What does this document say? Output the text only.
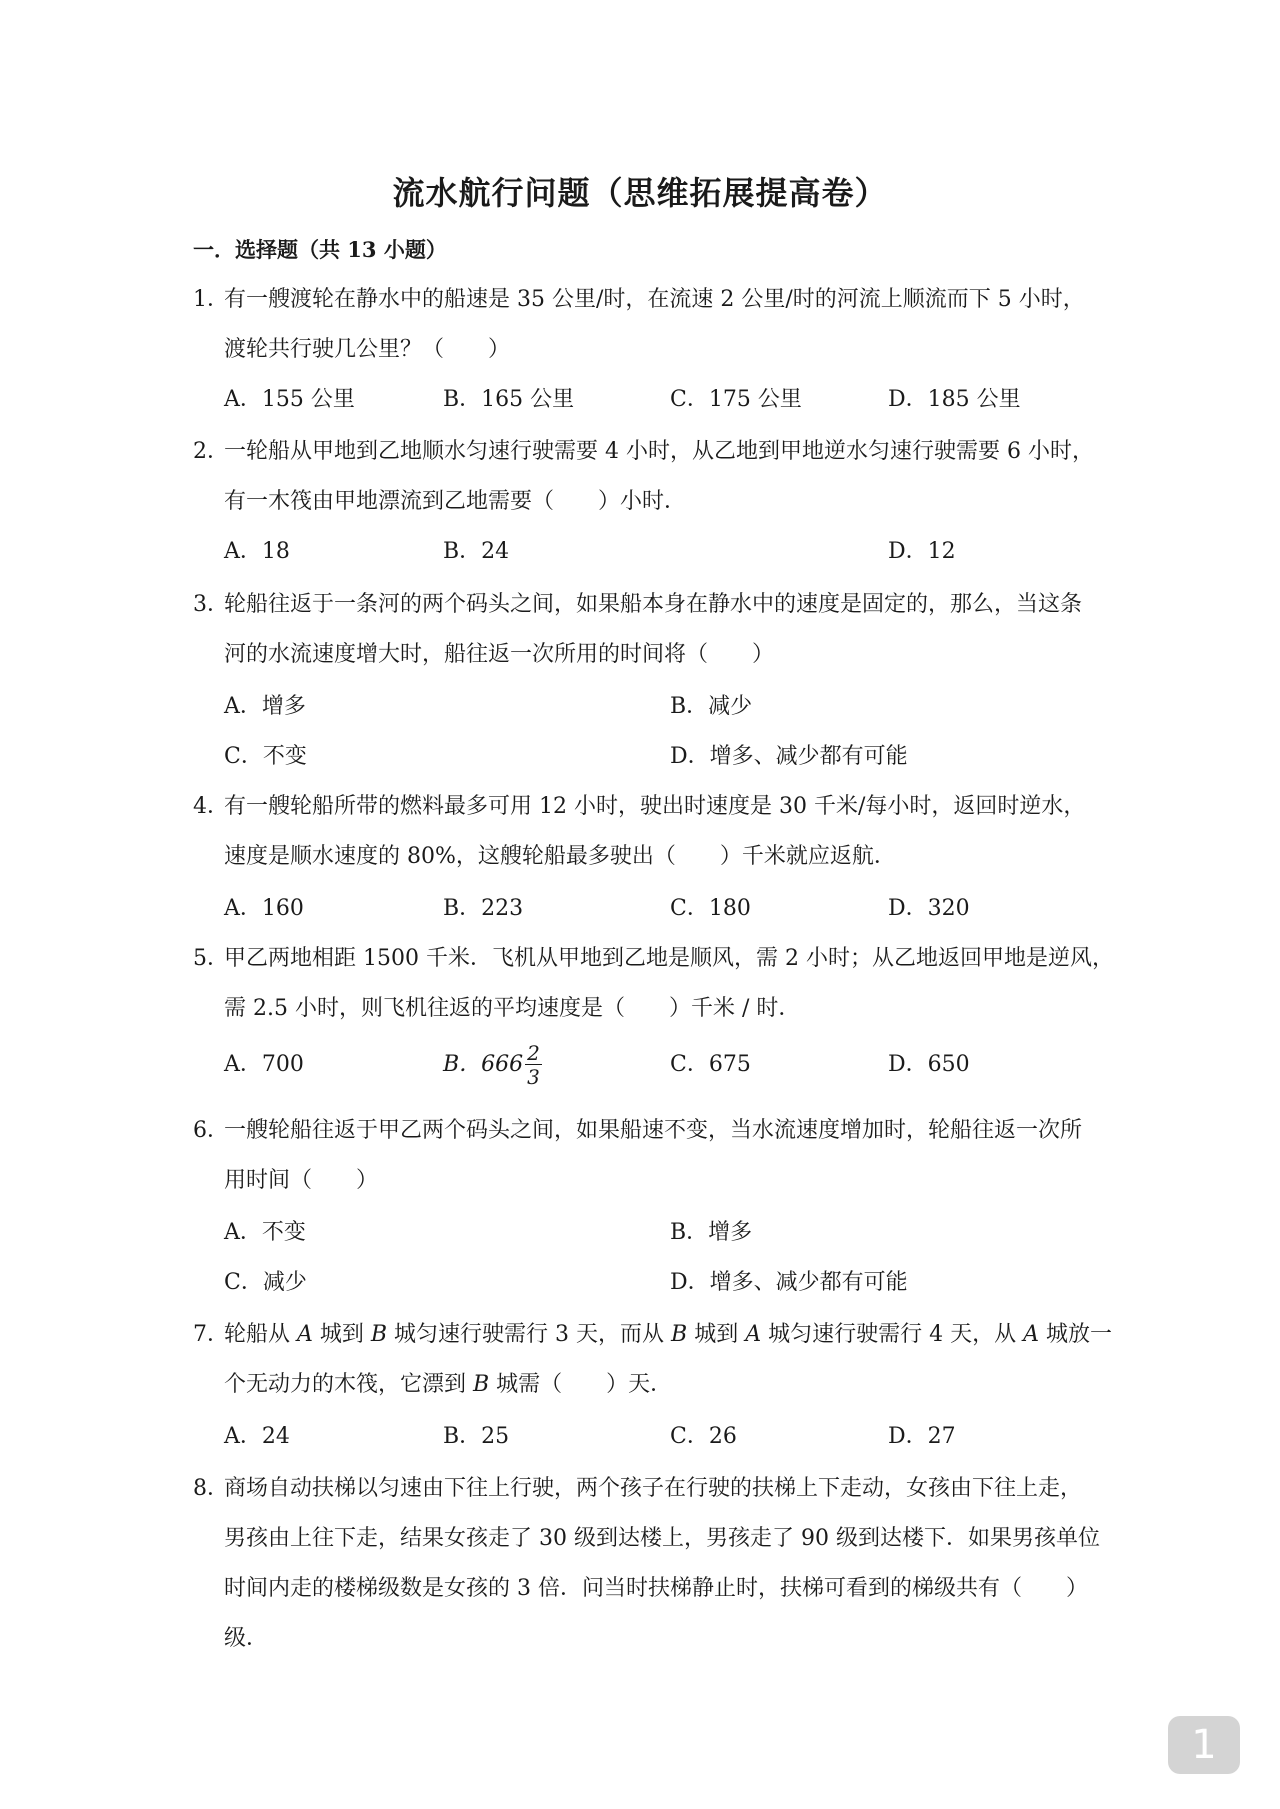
流水航行问题（思维拓展提高卷）
一．选择题（共 13 小题）
1．
有一艘渡轮在静水中的船速是 35 公里/时，在流速 2 公里/时的河流上顺流而下 5 小时，
渡轮共行驶几公里？（　　）
A．155 公里	B．165 公里	C．175 公里	D．185 公里
2．
一轮船从甲地到乙地顺水匀速行驶需要 4 小时，从乙地到甲地逆水匀速行驶需要 6 小时，
有一木筏由甲地漂流到乙地需要（　　）小时．
A．18	B．24	D．12
3．
轮船往返于一条河的两个码头之间，如果船本身在静水中的速度是固定的，那么，当这条
河的水流速度增大时，船往返一次所用的时间将（　　）
A．增多	B．减少
C．不变	D．增多、减少都有可能
4．
有一艘轮船所带的燃料最多可用 12 小时，驶出时速度是 30 千米/每小时，返回时逆水，
速度是顺水速度的 80%，这艘轮船最多驶出（　　）千米就应返航．
A．160	B．223	C．180	D．320
5．
甲乙两地相距 1500 千米．飞机从甲地到乙地是顺风，需 2 小时；从乙地返回甲地是逆风，
需 2.5 小时，则飞机往返的平均速度是（　　）千米 / 时．
A．700	B．$666 \frac{2}{3}$	C．675	D．650
6．
一艘轮船往返于甲乙两个码头之间，如果船速不变，当水流速度增加时，轮船往返一次所
用时间（　　）
A．不变	B．增多
C．减少	D．增多、减少都有可能
7．
轮船从 A 城到 B 城匀速行驶需行 3 天，而从 B 城到 A 城匀速行驶需行 4 天，从 A 城放一
个无动力的木筏，它漂到 B 城需（　　）天．
A．24	B．25	C．26	D．27
8．
商场自动扶梯以匀速由下往上行驶，两个孩子在行驶的扶梯上下走动，女孩由下往上走，
男孩由上往下走，结果女孩走了 30 级到达楼上，男孩走了 90 级到达楼下．如果男孩单位
时间内走的楼梯级数是女孩的 3 倍．问当时扶梯静止时，扶梯可看到的梯级共有（　　）
级．
1
